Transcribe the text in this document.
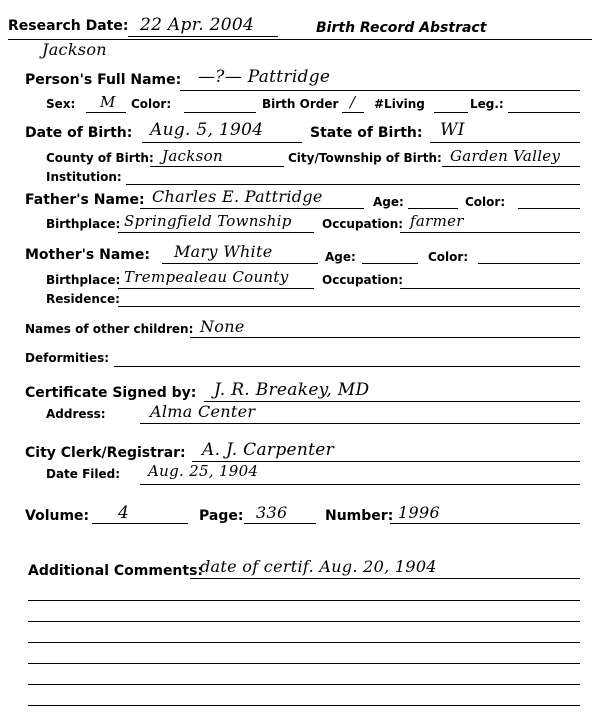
Research Date: 22 Apr. 2004	Birth Record Abstract
Jackson
Person's Full Name: —?— Pattridge
Sex: M Color:	Birth Order / #Living	Leg.:
Date of Birth: Aug. 5, 1904	State of Birth: WI
County of Birth: Jackson	City/Township of Birth: Garden Valley
Institution:
Father's Name: Charles E. Pattridge	Age:	Color:
Birthplace: Springfield Township	Occupation: farmer
Mother's Name: Mary White	Age:	Color:
Birthplace: Trempealeau County	Occupation:
Residence:
Names of other children: None
Deformities:
Certificate Signed by: J. R. Breakey, MD
Address:	Alma Center
City Clerk/Registrar: A. J. Carpenter
Date Filed: Aug. 25, 1904
Volume: 4	Page: 336	Number: 1996
Additional Comments:
date of certif. Aug. 20, 1904
